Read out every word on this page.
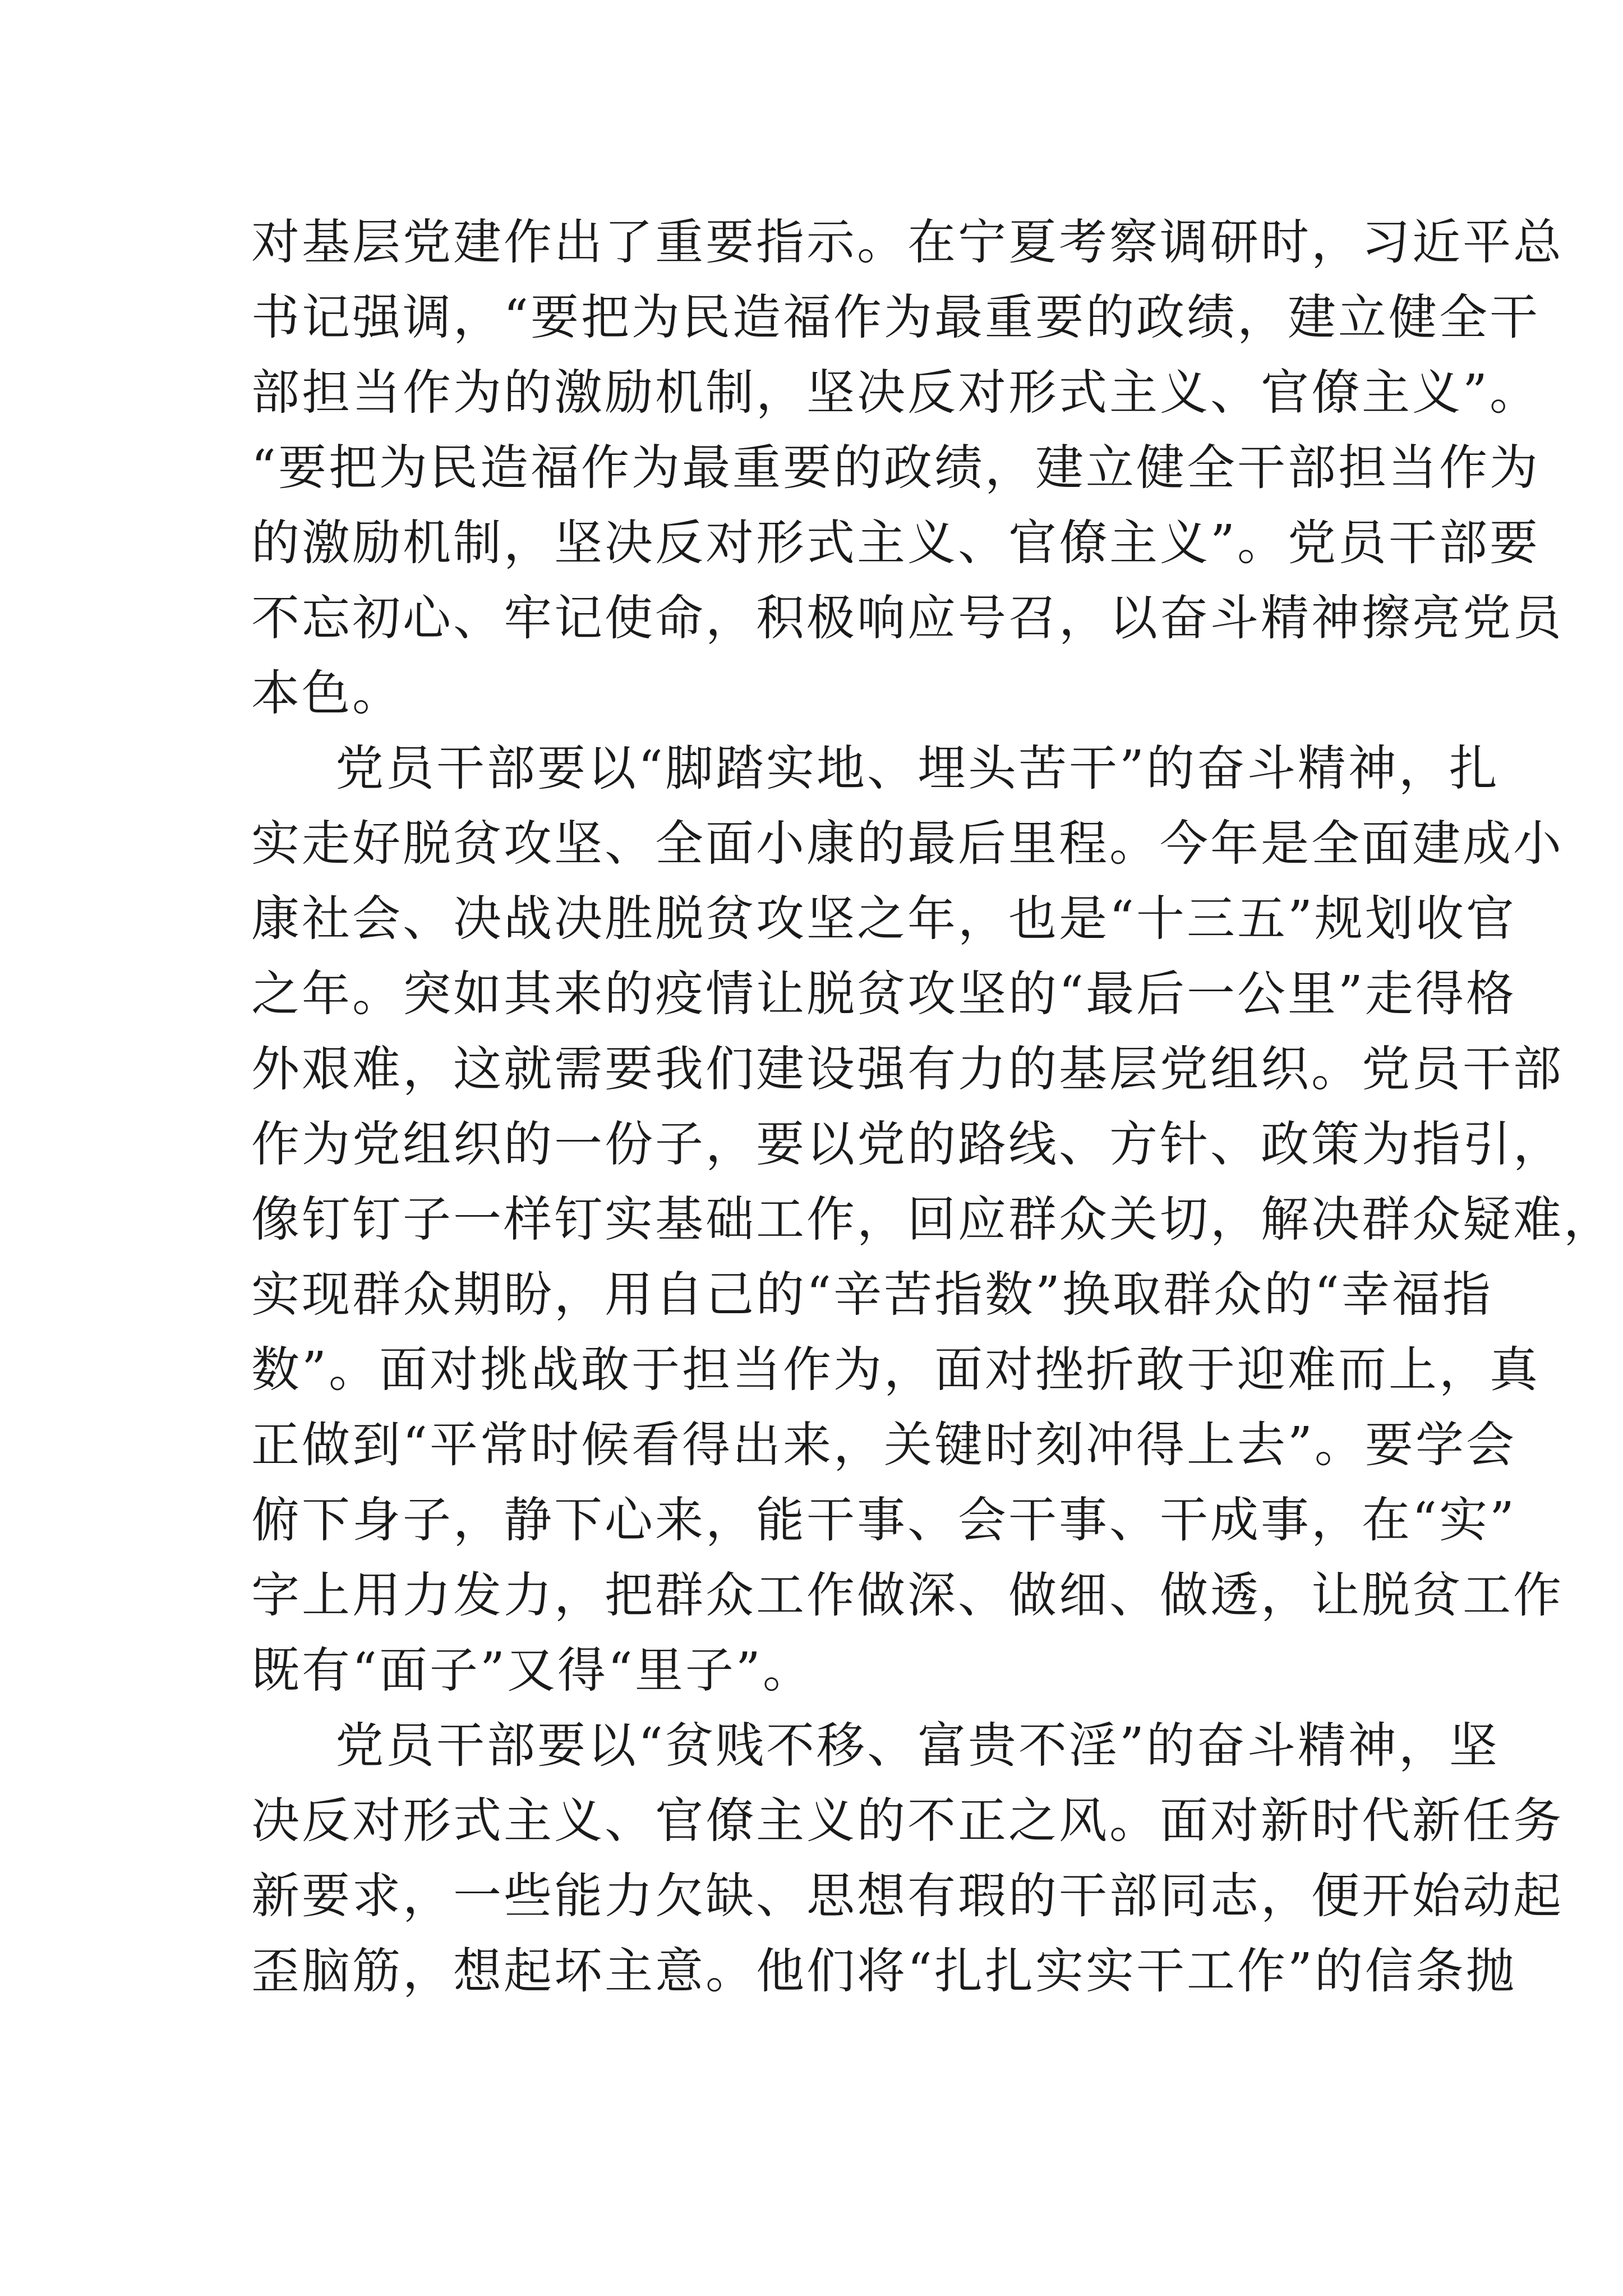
对基层党建作出了重要指示。在宁夏考察调研时，习近平总
书记强调，“要把为民造福作为最重要的政绩，建立健全干
部担当作为的激励机制，坚决反对形式主义、官僚主义”。
“要把为民造福作为最重要的政绩，建立健全干部担当作为
的激励机制，坚决反对形式主义、官僚主义”。党员干部要
不忘初心、牢记使命，积极响应号召，以奋斗精神擦亮党员
本色。
党员干部要以“脚踏实地、埋头苦干”的奋斗精神，扎
实走好脱贫攻坚、全面小康的最后里程。今年是全面建成小
康社会、决战决胜脱贫攻坚之年，也是“十三五”规划收官
之年。突如其来的疫情让脱贫攻坚的“最后一公里”走得格
外艰难，这就需要我们建设强有力的基层党组织。党员干部
作为党组织的一份子，要以党的路线、方针、政策为指引，
像钉钉子一样钉实基础工作，回应群众关切，解决群众疑难，
实现群众期盼，用自己的“辛苦指数”换取群众的“幸福指
数”。面对挑战敢于担当作为，面对挫折敢于迎难而上，真
正做到“平常时候看得出来，关键时刻冲得上去”。要学会
俯下身子，静下心来，能干事、会干事、干成事，在“实”
字上用力发力，把群众工作做深、做细、做透，让脱贫工作
既有“面子”又得“里子”。
党员干部要以“贫贱不移、富贵不淫”的奋斗精神，坚
决反对形式主义、官僚主义的不正之风。面对新时代新任务
新要求，一些能力欠缺、思想有瑕的干部同志，便开始动起
歪脑筋，想起坏主意。他们将“扎扎实实干工作”的信条抛
